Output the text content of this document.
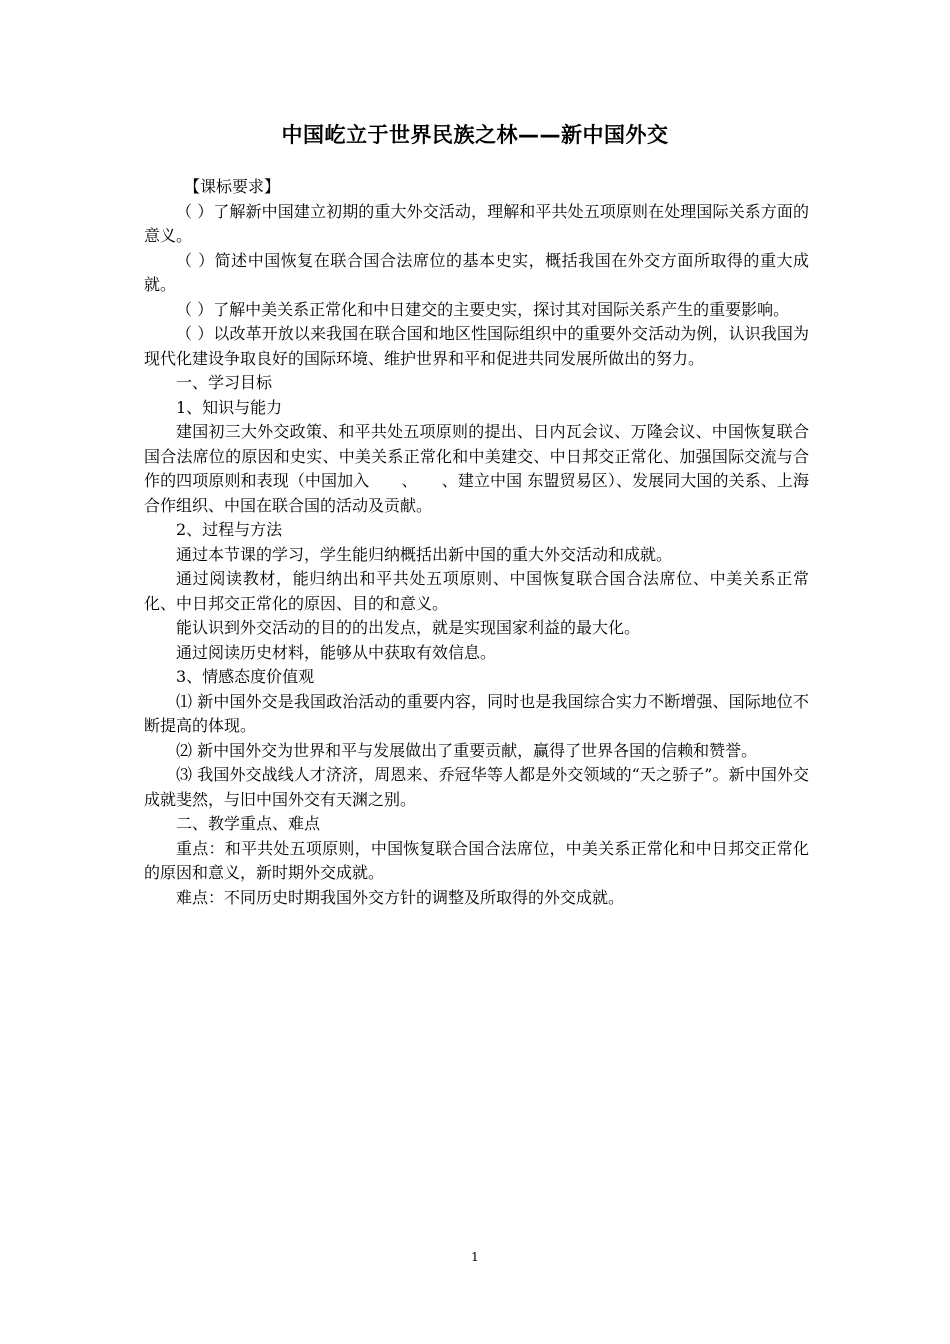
中国屹立于世界民族之林——新中国外交

【课标要求】

（ ）了解新中国建立初期的重大外交活动，理解和平共处五项原则在处理国际关系方面的意义。

（ ）简述中国恢复在联合国合法席位的基本史实，概括我国在外交方面所取得的重大成就。

（ ）了解中美关系正常化和中日建交的主要史实，探讨其对国际关系产生的重要影响。

（ ）以改革开放以来我国在联合国和地区性国际组织中的重要外交活动为例，认识我国为现代化建设争取良好的国际环境、维护世界和平和促进共同发展所做出的努力。

一、学习目标

1、知识与能力

建国初三大外交政策、和平共处五项原则的提出、日内瓦会议、万隆会议、中国恢复联合国合法席位的原因和史实、中美关系正常化和中美建交、中日邦交正常化、加强国际交流与合作的四项原则和表现（中国加入　　、　　、建立中国 东盟贸易区）、发展同大国的关系、上海合作组织、中国在联合国的活动及贡献。

2、过程与方法

通过本节课的学习，学生能归纳概括出新中国的重大外交活动和成就。

通过阅读教材，能归纳出和平共处五项原则、中国恢复联合国合法席位、中美关系正常化、中日邦交正常化的原因、目的和意义。

能认识到外交活动的目的的出发点，就是实现国家利益的最大化。

通过阅读历史材料，能够从中获取有效信息。

3、情感态度价值观

⑴ 新中国外交是我国政治活动的重要内容，同时也是我国综合实力不断增强、国际地位不断提高的体现。

⑵ 新中国外交为世界和平与发展做出了重要贡献，赢得了世界各国的信赖和赞誉。

⑶ 我国外交战线人才济济，周恩来、乔冠华等人都是外交领域的“天之骄子”。新中国外交成就斐然，与旧中国外交有天渊之别。

二、教学重点、难点

重点：和平共处五项原则，中国恢复联合国合法席位，中美关系正常化和中日邦交正常化的原因和意义，新时期外交成就。

难点：不同历史时期我国外交方针的调整及所取得的外交成就。

1
